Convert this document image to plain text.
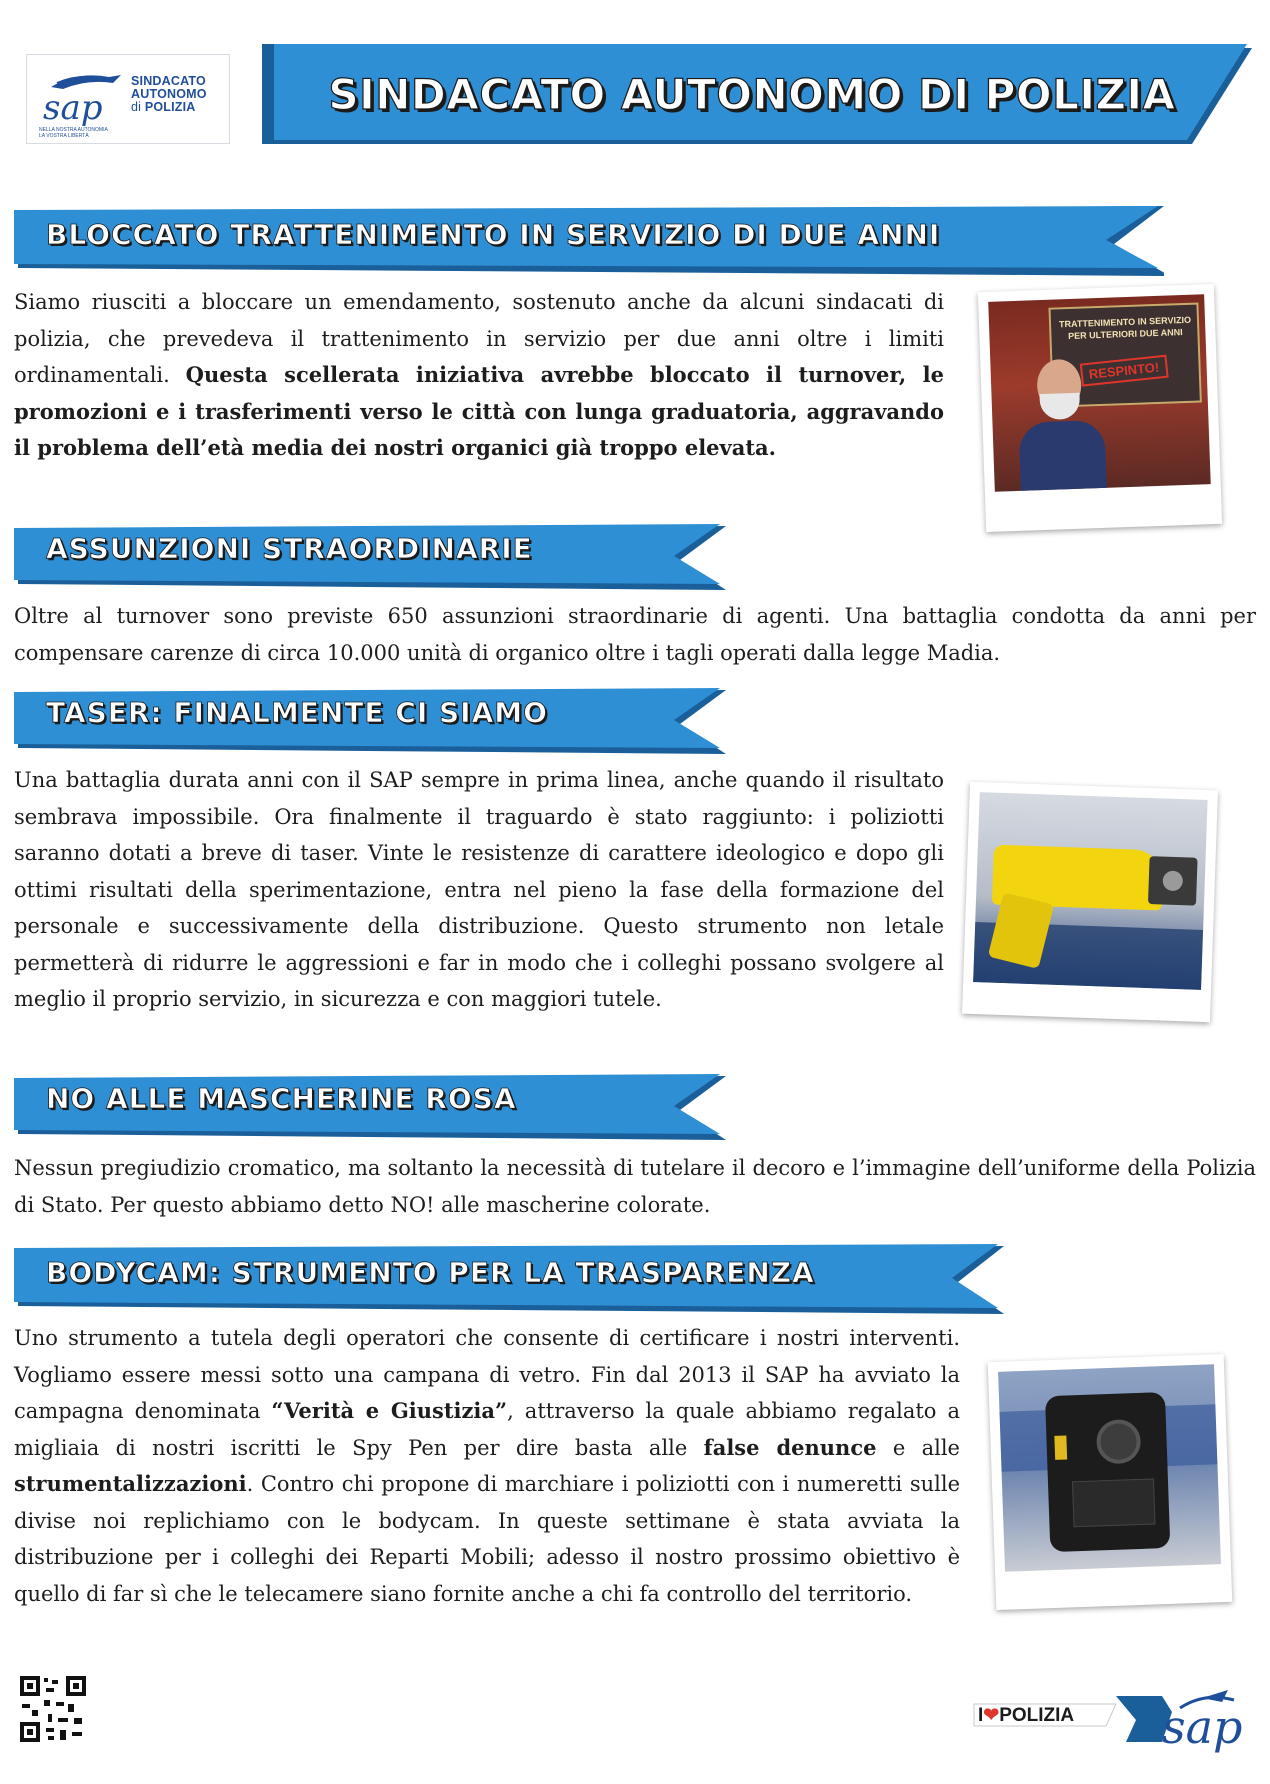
sap
SINDACATO
AUTONOMO
di POLIZIA
NELLA NOSTRA AUTONOMIA
LA VOSTRA LIBERTÀ
SINDACATO AUTONOMO DI POLIZIA
BLOCCATO TRATTENIMENTO IN SERVIZIO DI DUE ANNI
Siamo riusciti a bloccare un emendamento, sostenuto anche da alcuni sindacati di polizia, che prevedeva il trattenimento in servizio per due anni oltre i limiti ordinamentali. Questa scellerata iniziativa avrebbe bloccato il turnover, le promozioni e i trasferimenti verso le città con lunga graduatoria, aggravando il problema dell’età media dei nostri organici già troppo elevata.
TRATTENIMENTO IN SERVIZIO
PER ULTERIORI DUE ANNI
RESPINTO!
ASSUNZIONI STRAORDINARIE
Oltre al turnover sono previste 650 assunzioni straordinarie di agenti. Una battaglia condotta da anni per compensare carenze di circa 10.000 unità di organico oltre i tagli operati dalla legge Madia.
TASER: FINALMENTE CI SIAMO
Una battaglia durata anni con il SAP sempre in prima linea, anche quando il risultato sembrava impossibile. Ora finalmente il traguardo è stato raggiunto: i poliziotti saranno dotati a breve di taser. Vinte le resistenze di carattere ideologico e dopo gli ottimi risultati della sperimentazione, entra nel pieno la fase della formazione del personale e successivamente della distribuzione. Questo strumento non letale permetterà di ridurre le aggressioni e far in modo che i colleghi possano svolgere al meglio il proprio servizio, in sicurezza e con maggiori tutele.
NO ALLE MASCHERINE ROSA
Nessun pregiudizio cromatico, ma soltanto la necessità di tutelare il decoro e l’immagine dell’uniforme della Polizia di Stato. Per questo abbiamo detto NO! alle mascherine colorate.
BODYCAM: STRUMENTO PER LA TRASPARENZA
Uno strumento a tutela degli operatori che consente di certificare i nostri interventi. Vogliamo essere messi sotto una campana di vetro. Fin dal 2013 il SAP ha avviato la campagna denominata “Verità e Giustizia”, attraverso la quale abbiamo regalato a migliaia di nostri iscritti le Spy Pen per dire basta alle false denunce e alle strumentalizzazioni. Contro chi propone di marchiare i poliziotti con i numeretti sulle divise noi replichiamo con le bodycam. In queste settimane è stata avviata la distribuzione per i colleghi dei Reparti Mobili; adesso il nostro prossimo obiettivo è quello di far sì che le telecamere siano fornite anche a chi fa controllo del territorio.
I❤POLIZIA sap
